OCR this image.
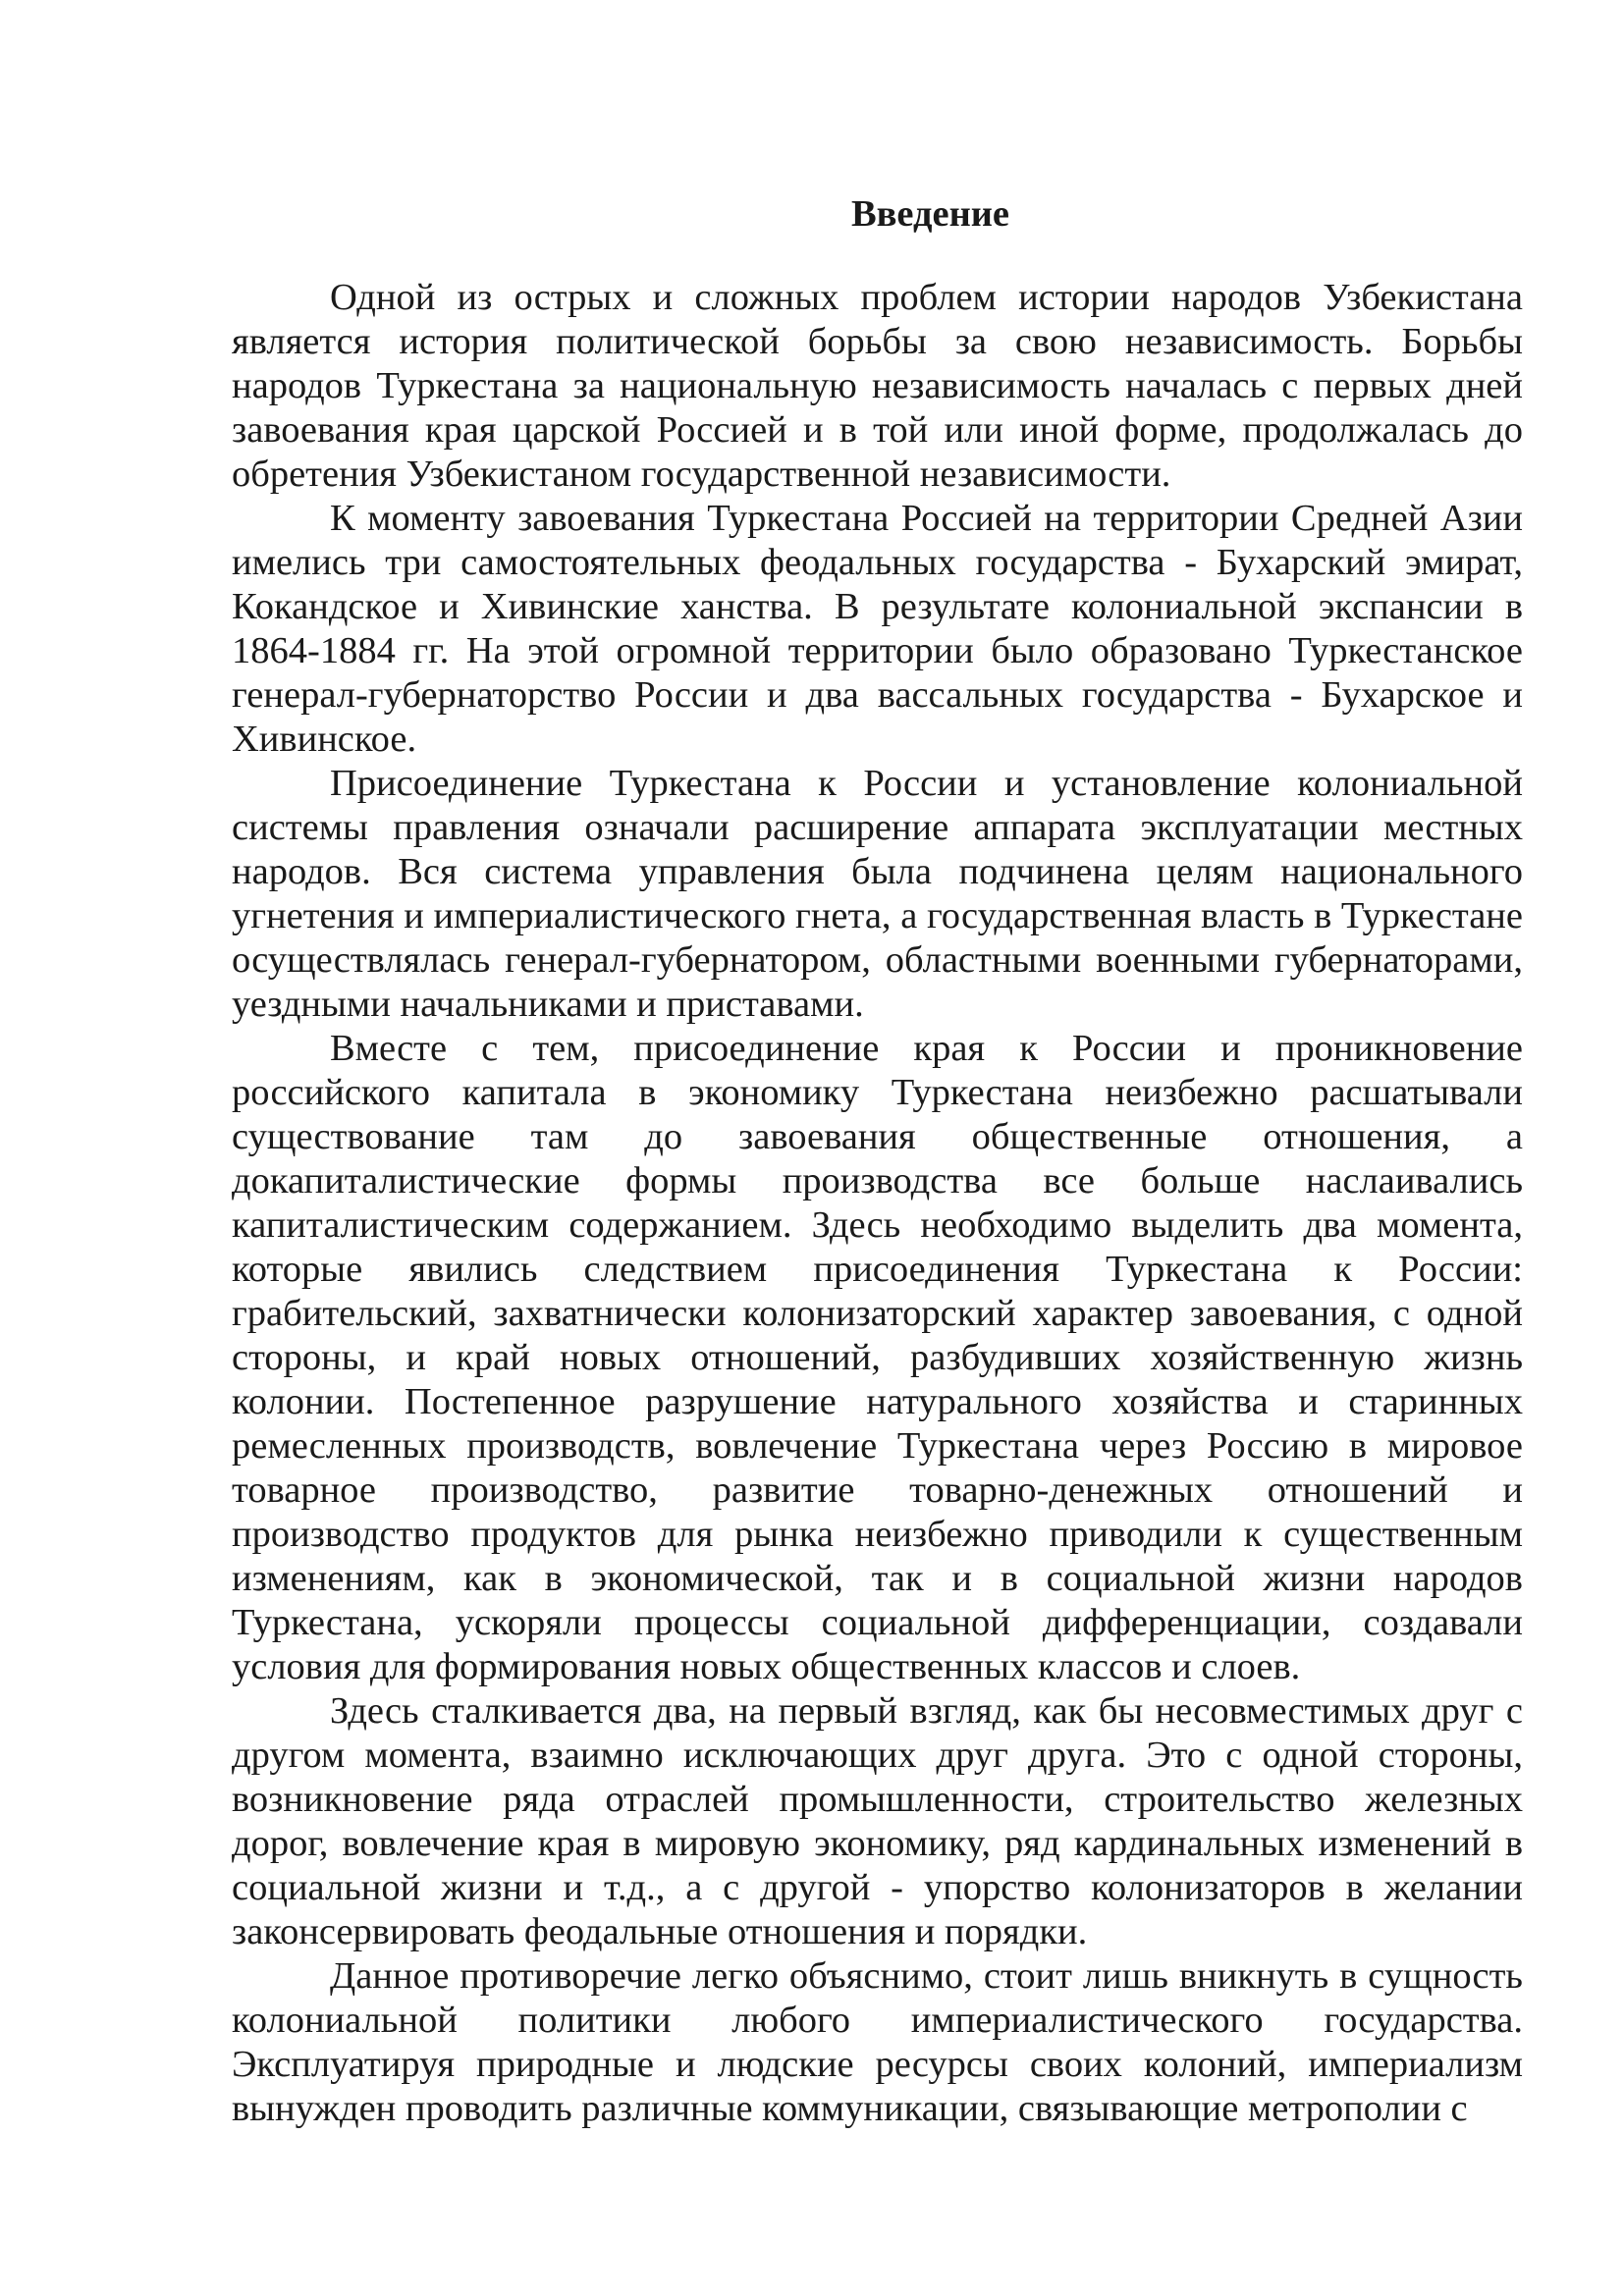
Введение

Одной из острых и сложных проблем истории народов Узбекистана является история политической борьбы за свою независимость. Борьбы народов Туркестана за национальную независимость началась с первых дней завоевания края царской Россией и в той или иной форме, продолжалась до обретения Узбекистаном государственной независимости.

К моменту завоевания Туркестана Россией на территории Средней Азии имелись три самостоятельных феодальных государства - Бухарский эмират, Кокандское и Хивинские ханства. В результате колониальной экспансии в 1864-1884 гг. На этой огромной территории было образовано Туркестанское генерал-губернаторство России и два вассальных государства - Бухарское и Хивинское.

Присоединение Туркестана к России и установление колониальной системы правления означали расширение аппарата эксплуатации местных народов. Вся система управления была подчинена целям национального угнетения и империалистического гнета, а государственная власть в Туркестане осуществлялась генерал-губернатором, областными военными губернаторами, уездными начальниками и приставами.

Вместе с тем, присоединение края к России и проникновение российского капитала в экономику Туркестана неизбежно расшатывали существование там до завоевания общественные отношения, а докапиталистические формы производства все больше наслаивались капиталистическим содержанием. Здесь необходимо выделить два момента, которые явились следствием присоединения Туркестана к России: грабительский, захватнически колонизаторский характер завоевания, с одной стороны, и край новых отношений, разбудивших хозяйственную жизнь колонии. Постепенное разрушение натурального хозяйства и старинных ремесленных производств, вовлечение Туркестана через Россию в мировое товарное производство, развитие товарно-денежных отношений и производство продуктов для рынка неизбежно приводили к существенным изменениям, как в экономической, так и в социальной жизни народов Туркестана, ускоряли процессы социальной дифференциации, создавали условия для формирования новых общественных классов и слоев.

Здесь сталкивается два, на первый взгляд, как бы несовместимых друг с другом момента, взаимно исключающих друг друга. Это с одной стороны, возникновение ряда отраслей промышленности, строительство железных дорог, вовлечение края в мировую экономику, ряд кардинальных изменений в социальной жизни и т.д., а с другой - упорство колонизаторов в желании законсервировать феодальные отношения и порядки.

Данное противоречие легко объяснимо, стоит лишь вникнуть в сущность колониальной политики любого империалистического государства. Эксплуатируя природные и людские ресурсы своих колоний, империализм вынужден проводить различные коммуникации, связывающие метрополии с
